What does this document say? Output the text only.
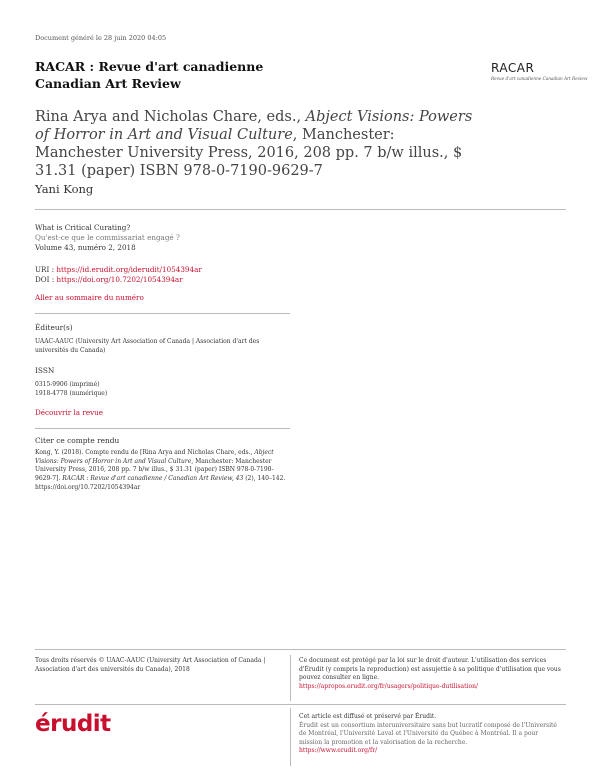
Document généré le 28 juin 2020 04:05
RACAR : Revue d'art canadienne
Canadian Art Review
RACAR
Revue d'art canadienne Canadian Art Review
Rina Arya and Nicholas Chare, eds., Abject Visions: Powers of Horror in Art and Visual Culture, Manchester: Manchester University Press, 2016, 208 pp. 7 b/w illus., $ 31.31 (paper) ISBN 978-0-7190-9629-7
Yani Kong
What is Critical Curating?
Qu'est-ce que le commissariat engagé ?
Volume 43, numéro 2, 2018
URI : https://id.erudit.org/iderudit/1054394ar
DOI : https://doi.org/10.7202/1054394ar
Aller au sommaire du numéro
Éditeur(s)
UAAC-AAUC (University Art Association of Canada | Association d'art des universités du Canada)
ISSN
0315-9906 (imprimé)
1918-4778 (numérique)
Découvrir la revue
Citer ce compte rendu
Kong, Y. (2018). Compte rendu de [Rina Arya and Nicholas Chare, eds., Abject Visions: Powers of Horror in Art and Visual Culture, Manchester: Manchester University Press, 2016, 208 pp. 7 b/w illus., $ 31.31 (paper) ISBN 978-0-7190-9629-7]. RACAR : Revue d'art canadienne / Canadian Art Review, 43 (2), 140–142. https://doi.org/10.7202/1054394ar
Tous droits réservés © UAAC-AAUC (University Art Association of Canada | Association d'art des universités du Canada), 2018
Ce document est protégé par la loi sur le droit d'auteur. L'utilisation des services d'Érudit (y compris la reproduction) est assujettie à sa politique d'utilisation que vous pouvez consulter en ligne.
https://apropos.erudit.org/fr/usagers/politique-dutilisation/
érudit	Cet article est diffusé et préservé par Érudit.
Érudit est un consortium interuniversitaire sans but lucratif composé de l'Université de Montréal, l'Université Laval et l'Université du Québec à Montréal. Il a pour mission la promotion et la valorisation de la recherche.
https://www.erudit.org/fr/
